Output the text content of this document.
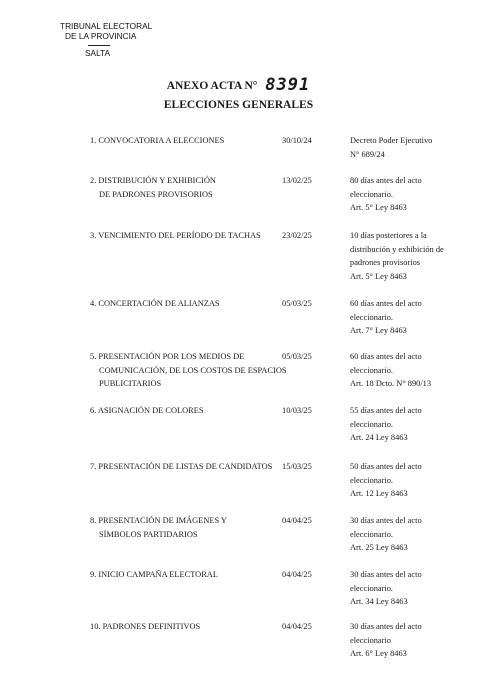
TRIBUNAL ELECTORAL
DE LA PROVINCIA
SALTA
ANEXO ACTA N° 8391
ELECCIONES GENERALES
1. CONVOCATORIA A ELECCIONES	30/10/24	Decreto Poder Ejecutivo
N° 689/24
2. DISTRIBUCIÓN Y EXHIBICIÓN
DE PADRONES PROVISORIOS
13/02/25	80 días antes del acto
eleccionario.
Art. 5° Ley 8463
3. VENCIMIENTO DEL PERÍODO DE TACHAS	23/02/25	10 días posteriores a la
distribución y exhibición de
padrones provisorios
Art. 5° Ley 8463
4. CONCERTACIÓN DE ALIANZAS	05/03/25	60 días antes del acto
eleccionario.
Art. 7° Ley 8463
5. PRESENTACIÓN POR LOS MEDIOS DE
COMUNICACIÓN, DE LOS COSTOS DE ESPACIOS
PUBLICITARIOS
05/03/25	60 días antes del acto
eleccionario.
Art. 18 Dcto. N° 890/13
6. ASIGNACIÓN DE COLORES	10/03/25	55 días antes del acto
eleccionario.
Art. 24 Ley 8463
7. PRESENTACIÓN DE LISTAS DE CANDIDATOS	15/03/25	50 días antes del acto
eleccionario.
Art. 12 Ley 8463
8. PRESENTACIÓN DE IMÁGENES Y
SÍMBOLOS PARTIDARIOS
04/04/25	30 días antes del acto
eleccionario.
Art. 25 Ley 8463
9. INICIO CAMPAÑA ELECTORAL	04/04/25	30 días antes del acto
eleccionario.
Art. 34 Ley 8463
10. PADRONES DEFINITIVOS	04/04/25	30 días antes del acto
eleccionario
Art. 6° Ley 8463
